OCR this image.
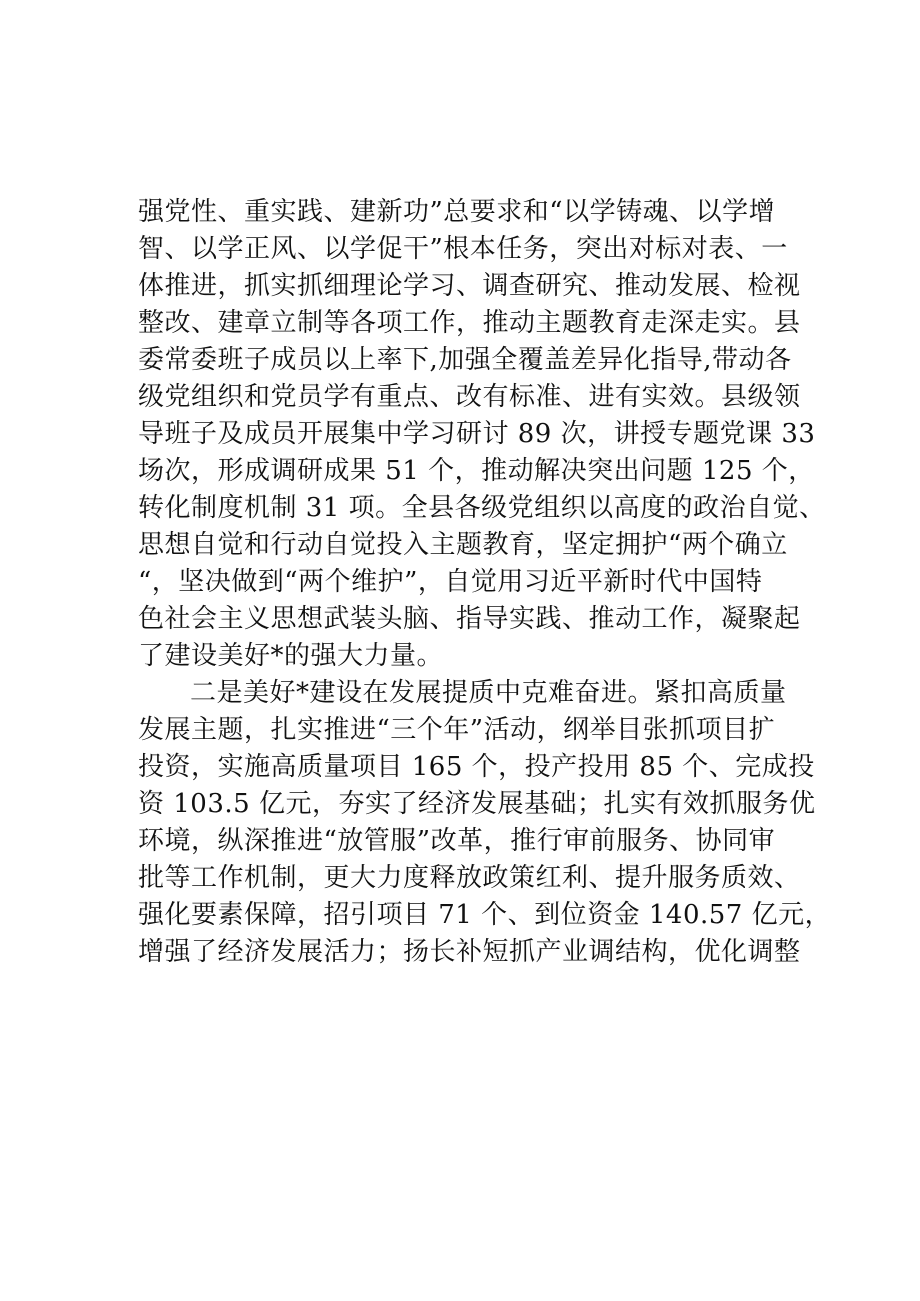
强党性、重实践、建新功”总要求和“以学铸魂、以学增
智、以学正风、以学促干”根本任务，突出对标对表、一
体推进，抓实抓细理论学习、调查研究、推动发展、检视
整改、建章立制等各项工作，推动主题教育走深走实。县
委常委班子成员以上率下,加强全覆盖差异化指导,带动各
级党组织和党员学有重点、改有标准、进有实效。县级领
导班子及成员开展集中学习研讨 89 次，讲授专题党课 33
场次，形成调研成果 51 个，推动解决突出问题 125 个，
转化制度机制 31 项。全县各级党组织以高度的政治自觉、
思想自觉和行动自觉投入主题教育，坚定拥护“两个确立
“，坚决做到“两个维护”，自觉用习近平新时代中国特
色社会主义思想武装头脑、指导实践、推动工作，凝聚起
了建设美好*的强大力量。
二是美好*建设在发展提质中克难奋进。紧扣高质量
发展主题，扎实推进“三个年”活动，纲举目张抓项目扩
投资，实施高质量项目 165 个，投产投用 85 个、完成投
资 103.5 亿元，夯实了经济发展基础；扎实有效抓服务优
环境，纵深推进“放管服”改革，推行审前服务、协同审
批等工作机制，更大力度释放政策红利、提升服务质效、
强化要素保障，招引项目 71 个、到位资金 140.57 亿元，
增强了经济发展活力；扬长补短抓产业调结构，优化调整
